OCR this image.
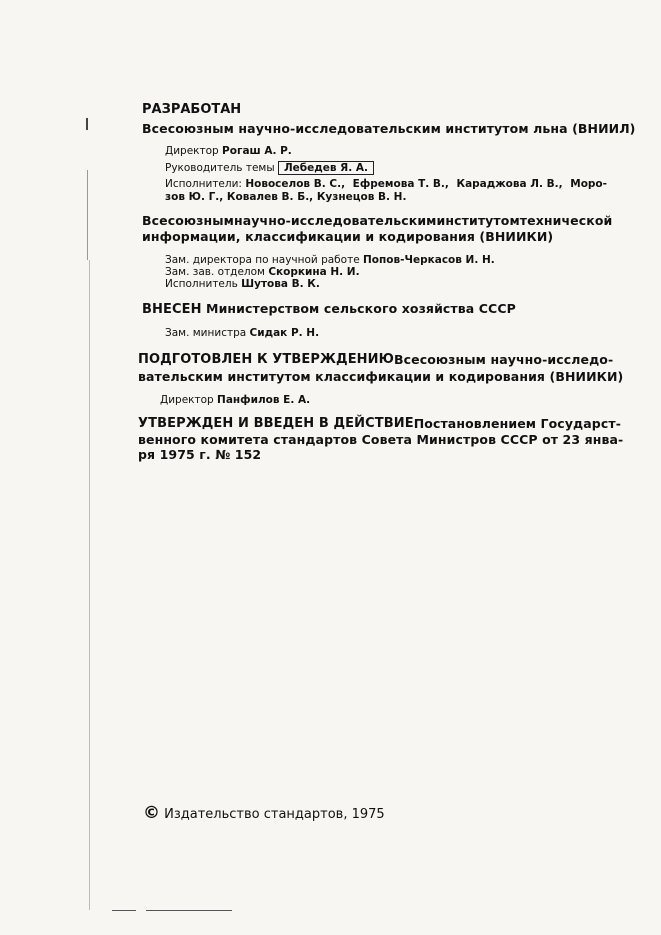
РАЗРАБОТАН
Всесоюзным научно-исследовательским институтом льна (ВНИИЛ)
Директор Рогаш А. Р.
Руководитель темы Лебедев Я. А.
Исполнители: Новоселов В. С., Ефремова Т. В., Караджова Л. В., Моро-
зов Ю. Г., Ковалев В. Б., Кузнецов В. Н.
Всесоюзным научно-исследовательским институтом технической
информации, классификации и кодирования (ВНИИКИ)
Зам. директора по научной работе Попов-Черкасов И. Н.
Зам. зав. отделом Скоркина Н. И.
Исполнитель Шутова В. К.
ВНЕСЕН Министерством сельского хозяйства СССР
Зам. министра Сидак Р. Н.
ПОДГОТОВЛЕН К УТВЕРЖДЕНИЮ Всесоюзным научно-исследо-
вательским институтом классификации и кодирования (ВНИИКИ)
Директор Панфилов Е. А.
УТВЕРЖДЕН И ВВЕДЕН В ДЕЙСТВИЕ Постановлением Государст-
венного комитета стандартов Совета Министров СССР от 23 янва-
ря 1975 г. № 152
© Издательство стандартов, 1975
